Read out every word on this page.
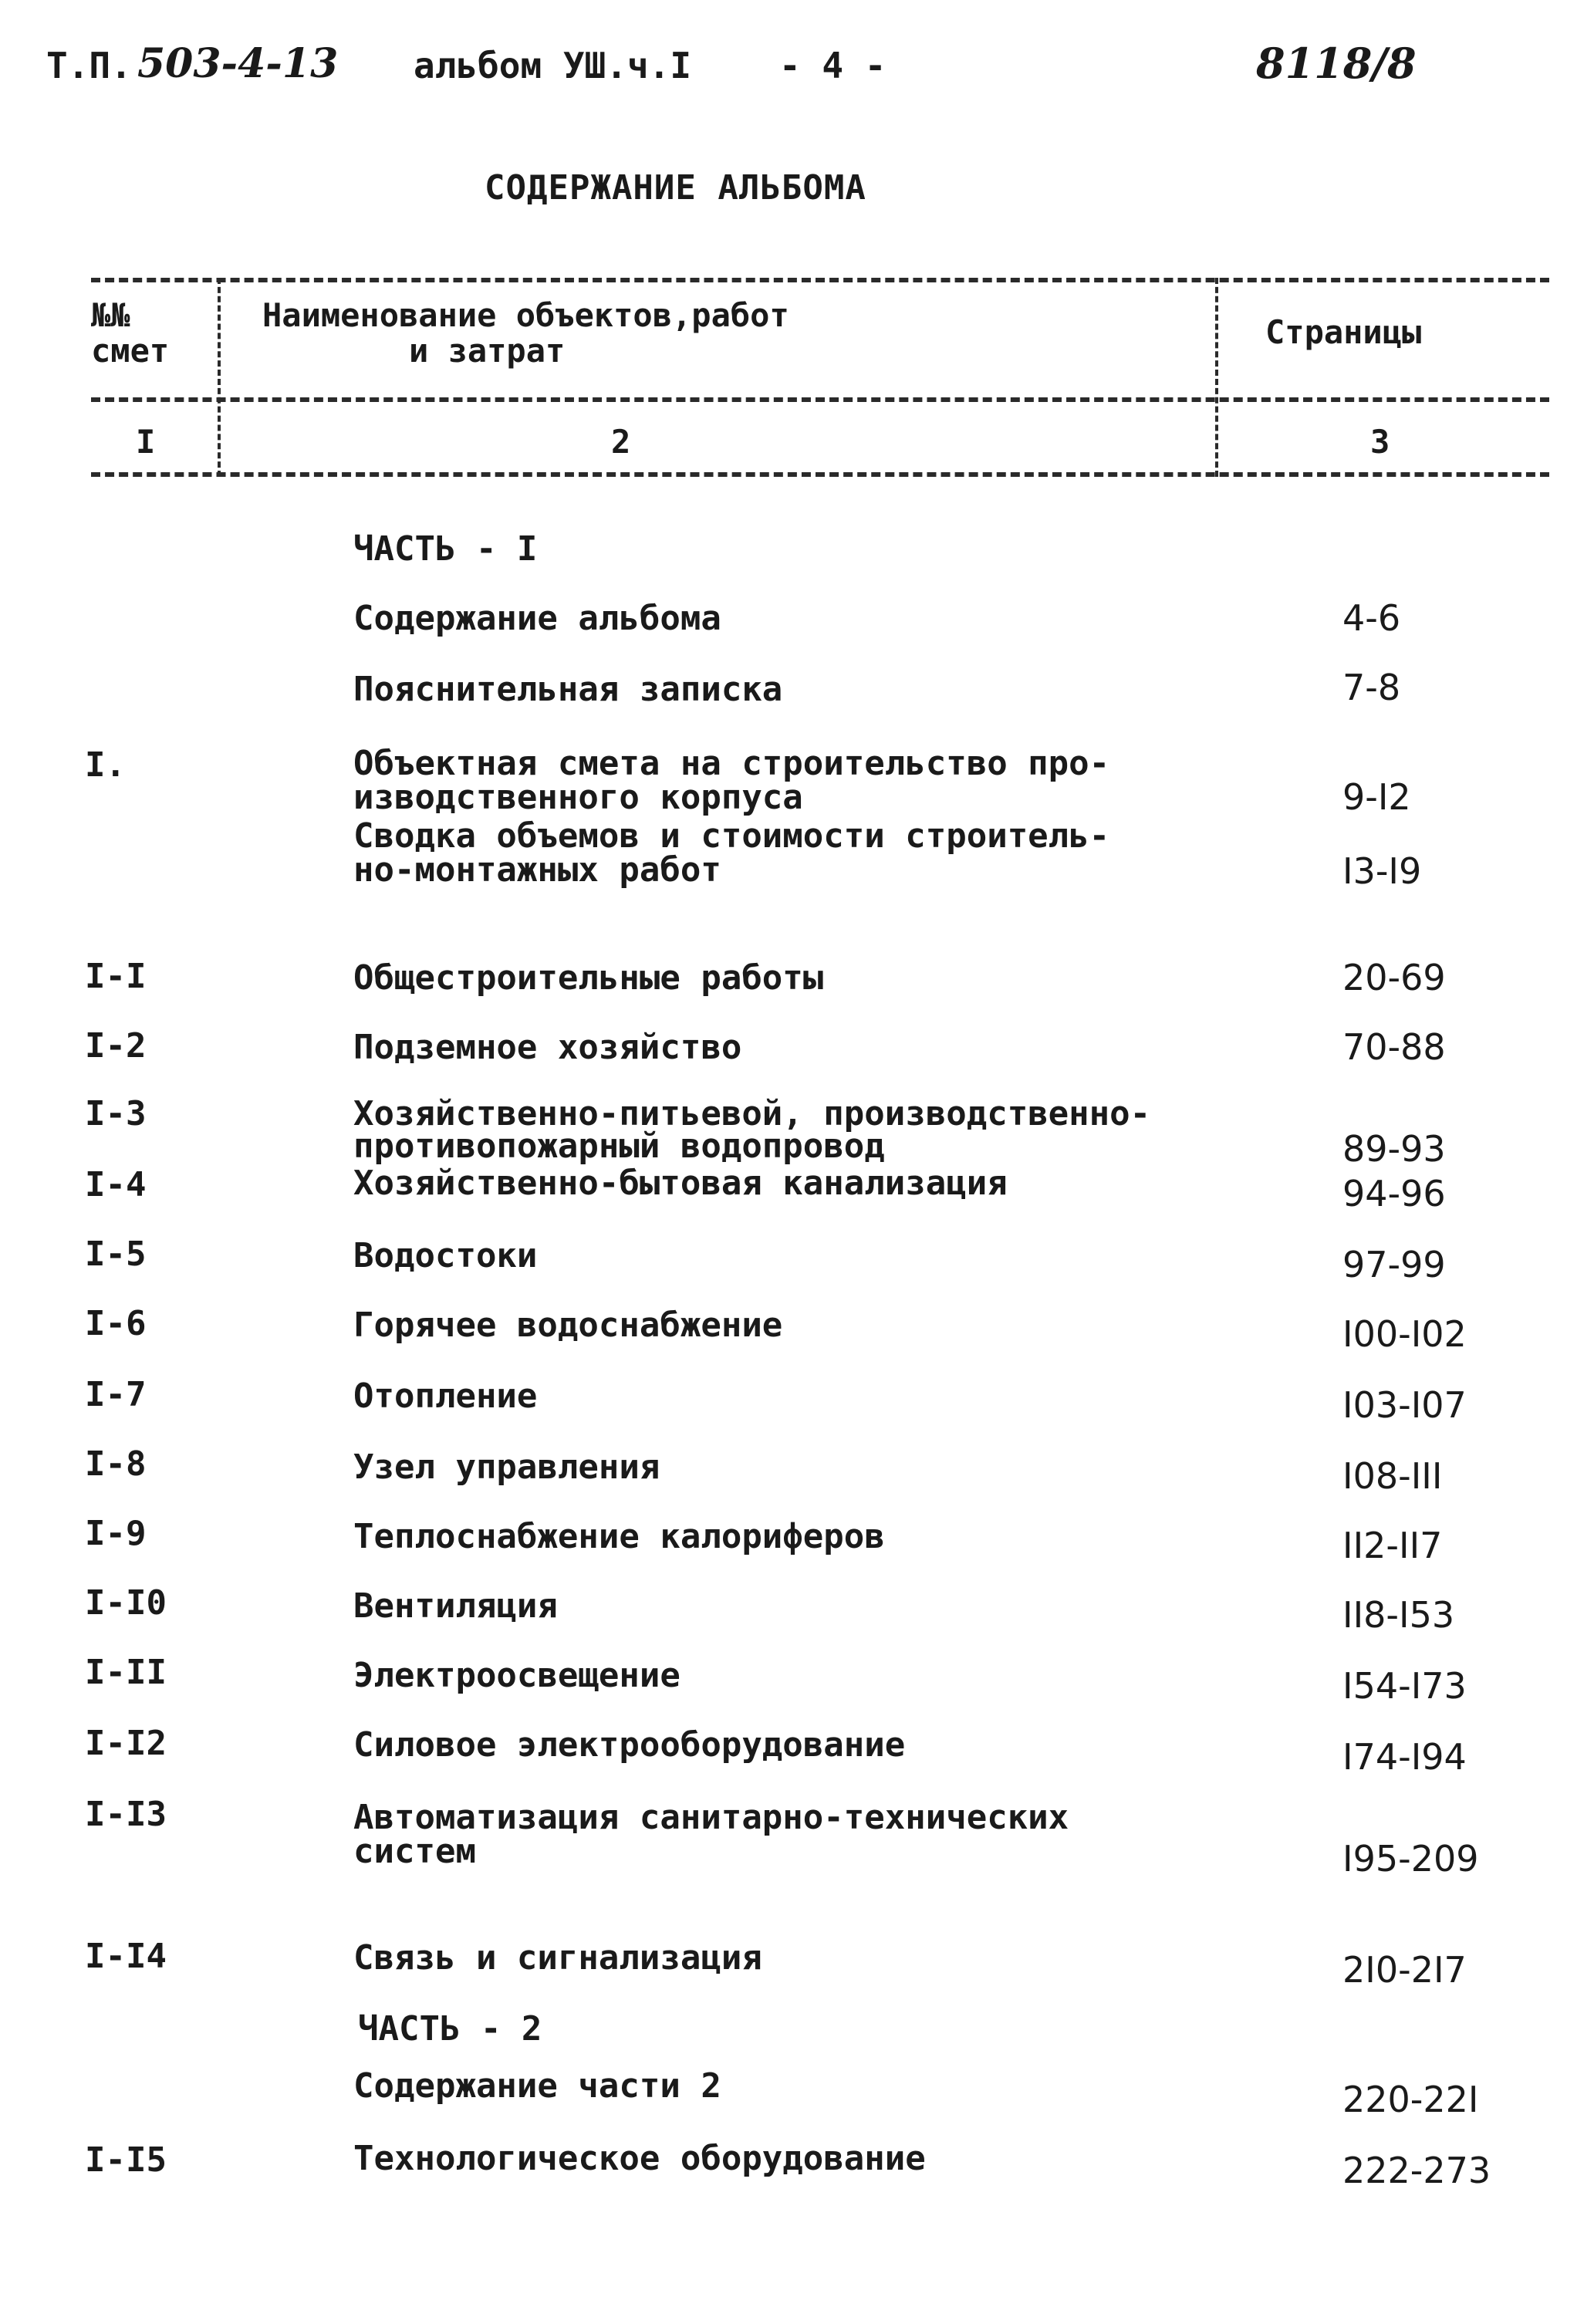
Т.П. 503-4-13 альбом УШ.ч.I - 4 -	8118/8
СОДЕРЖАНИЕ АЛЬБОМА
№№
смет
Наименование объектов,работ
и затрат	Страницы
I	2	3
ЧАСТЬ - I
Содержание альбома	4-6
Пояснительная записка	7-8
I.	Объектная смета на строительство про-
изводственного корпуса	9-I2
Сводка объемов и стоимости строитель-
но-монтажных работ	I3-I9
I-I	Общестроительные работы	20-69
I-2	Подземное хозяйство	70-88
I-3	Хозяйственно-питьевой, производственно-
противопожарный водопровод	89-93
I-4	Хозяйственно-бытовая канализация	94-96
I-5	Водостоки	97-99
I-6	Горячее водоснабжение	I00-I02
I-7	Отопление	I03-I07
I-8	Узел управления	I08-III
I-9	Теплоснабжение калориферов	II2-II7
I-I0	Вентиляция	II8-I53
I-II	Электроосвещение	I54-I73
I-I2	Силовое электрооборудование	I74-I94
I-I3	Автоматизация санитарно-технических
систем	I95-209
I-I4	Связь и сигнализация	2I0-2I7
ЧАСТЬ - 2
Содержание части 2	220-22I
I-I5	Технологическое оборудование	222-273
